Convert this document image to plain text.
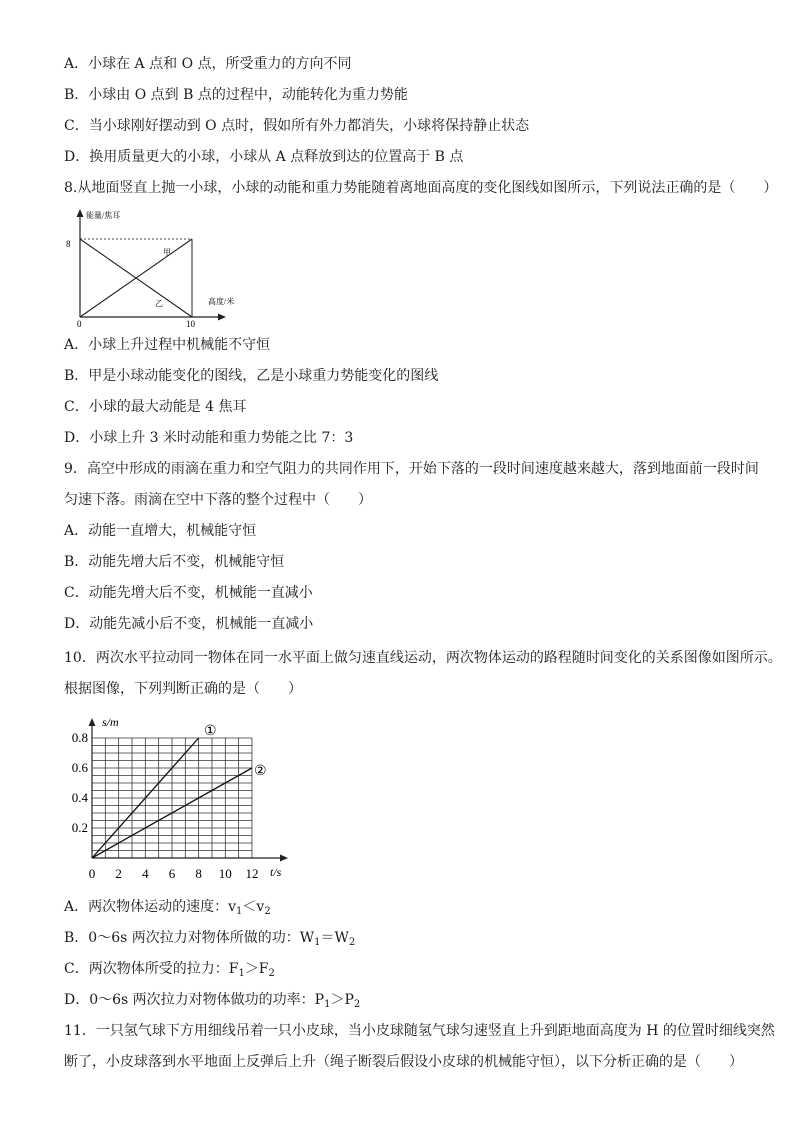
A．小球在 A 点和 O 点，所受重力的方向不同
B．小球由 O 点到 B 点的过程中，动能转化为重力势能
C．当小球刚好摆动到 O 点时，假如所有外力都消失，小球将保持静止状态
D．换用质量更大的小球，小球从 A 点释放到达的位置高于 B 点
8.从地面竖直上抛一小球，小球的动能和重力势能随着离地面高度的变化图线如图所示，下列说法正确的是（　　）
能量/焦耳
高度/米
8
0	10
甲
乙
A．小球上升过程中机械能不守恒
B．甲是小球动能变化的图线，乙是小球重力势能变化的图线
C．小球的最大动能是 4 焦耳
D．小球上升 3 米时动能和重力势能之比 7：3
9．高空中形成的雨滴在重力和空气阻力的共同作用下，开始下落的一段时间速度越来越大，落到地面前一段时间
匀速下落。雨滴在空中下落的整个过程中（　　）
A．动能一直增大，机械能守恒
B．动能先增大后不变，机械能守恒
C．动能先增大后不变，机械能一直减小
D．动能先减小后不变，机械能一直减小
10．两次水平拉动同一物体在同一水平面上做匀速直线运动，两次物体运动的路程随时间变化的关系图像如图所示。
根据图像，下列判断正确的是（　　）
0 2 4 6 8 10 12
0.2
0.4
0.6
0.8
s/m
t/s
①
②
A．两次物体运动的速度：$v_1<v_2$
B．0～6s 两次拉力对物体所做的功：$W_1=W_2$
C．两次物体所受的拉力：$F_1>F_2$
D．0～6s 两次拉力对物体做功的功率：$P_1>P_2$
11．一只氢气球下方用细线吊着一只小皮球，当小皮球随氢气球匀速竖直上升到距地面高度为 H 的位置时细线突然
断了，小皮球落到水平地面上反弹后上升（绳子断裂后假设小皮球的机械能守恒），以下分析正确的是（　　）
